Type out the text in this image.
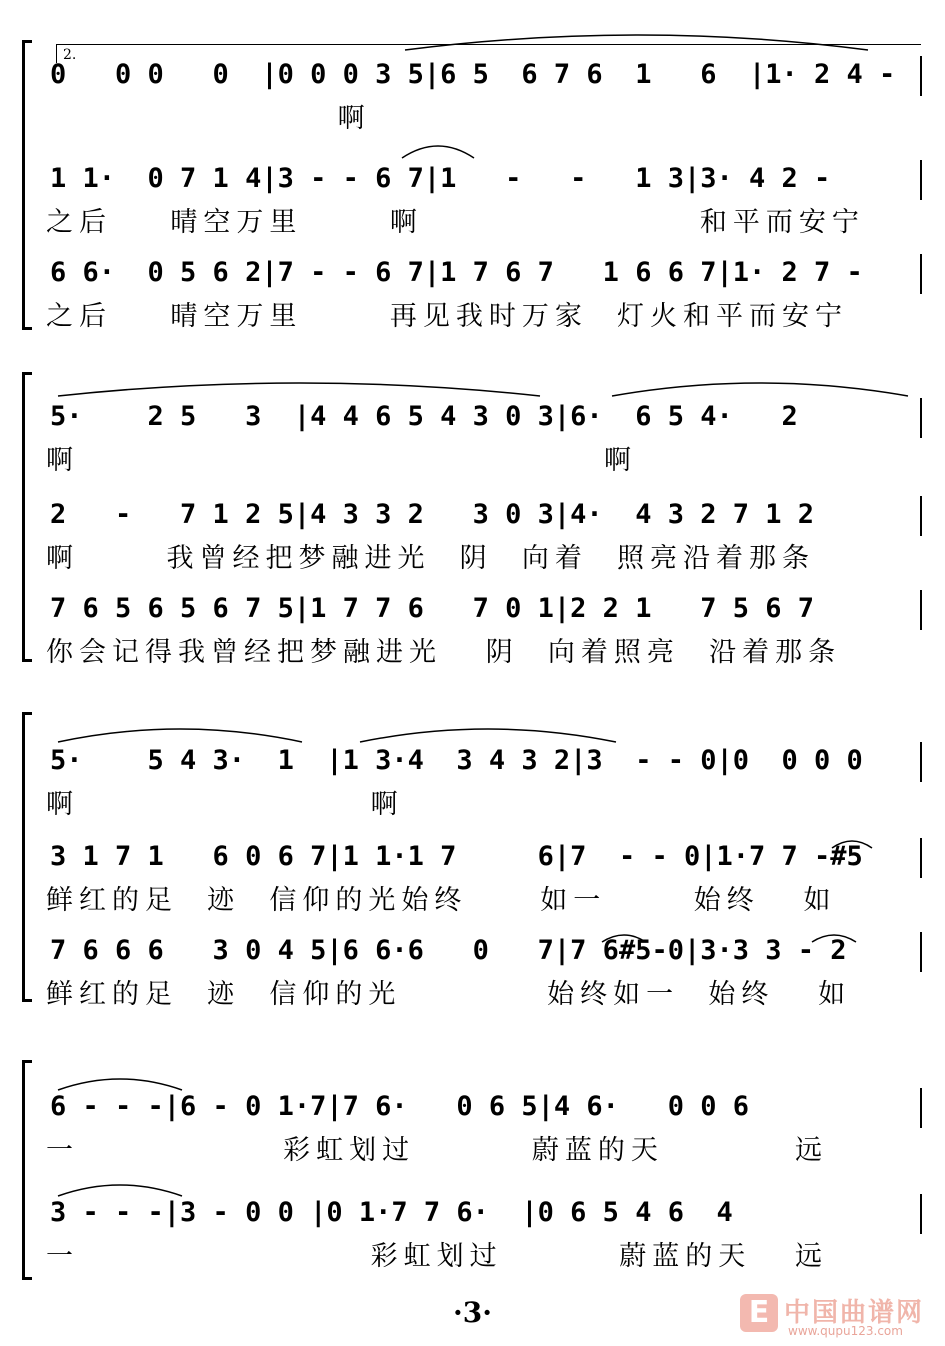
2.
0   0 0   0  |0 0 0 3 5|6 5  6 7 6  1   6  |1· 2 4 -
啊
1 1·  0 7 1 4|3 - - 6 7|1   -   -   1 3|3· 4 2 -
之后    晴空万里      啊                   和平而安宁
6 6·  0 5 6 2|7 - - 6 7|1 7 6 7   1 6 6 7|1· 2 7 -
之后    晴空万里      再见我时万家  灯火和平而安宁
5·    2 5   3  |4 4 6 5 4 3 0 3|6·  6 5 4·   2
啊                                    啊
2   -   7 1 2 5|4 3 3 2   3 0 3|4·  4 3 2 7 1 2
啊      我曾经把梦融进光  阴  向着  照亮沿着那条
7 6 5 6 5 6 7 5|1 7 7 6   7 0 1|2 2 1   7 5 6 7
你会记得我曾经把梦融进光   阴  向着照亮  沿着那条
5·    5 4 3·  1  |1 3·4  3 4 3 2|3  - - 0|0  0 0 0
啊                    啊
3 1 7 1   6 0 6 7|1 1·1 7     6|7  - - 0|1·7 7 -#5
鲜红的足  迹  信仰的光始终     如一      始终   如
7 6 6 6   3 0 4 5|6 6·6   0   7|7 6#5-0|3·3 3 - 2
鲜红的足  迹  信仰的光          始终如一  始终   如
6 - - -|6 - 0 1·7|7 6·   0 6 5|4 6·   0 0 6
一              彩虹划过        蔚蓝的天         远
3 - - -|3 - 0 0 |0 1·7 7 6·  |0 6 5 4 6  4
一                    彩虹划过        蔚蓝的天   远
·3·	E 中国曲谱网
www.qupu123.com
